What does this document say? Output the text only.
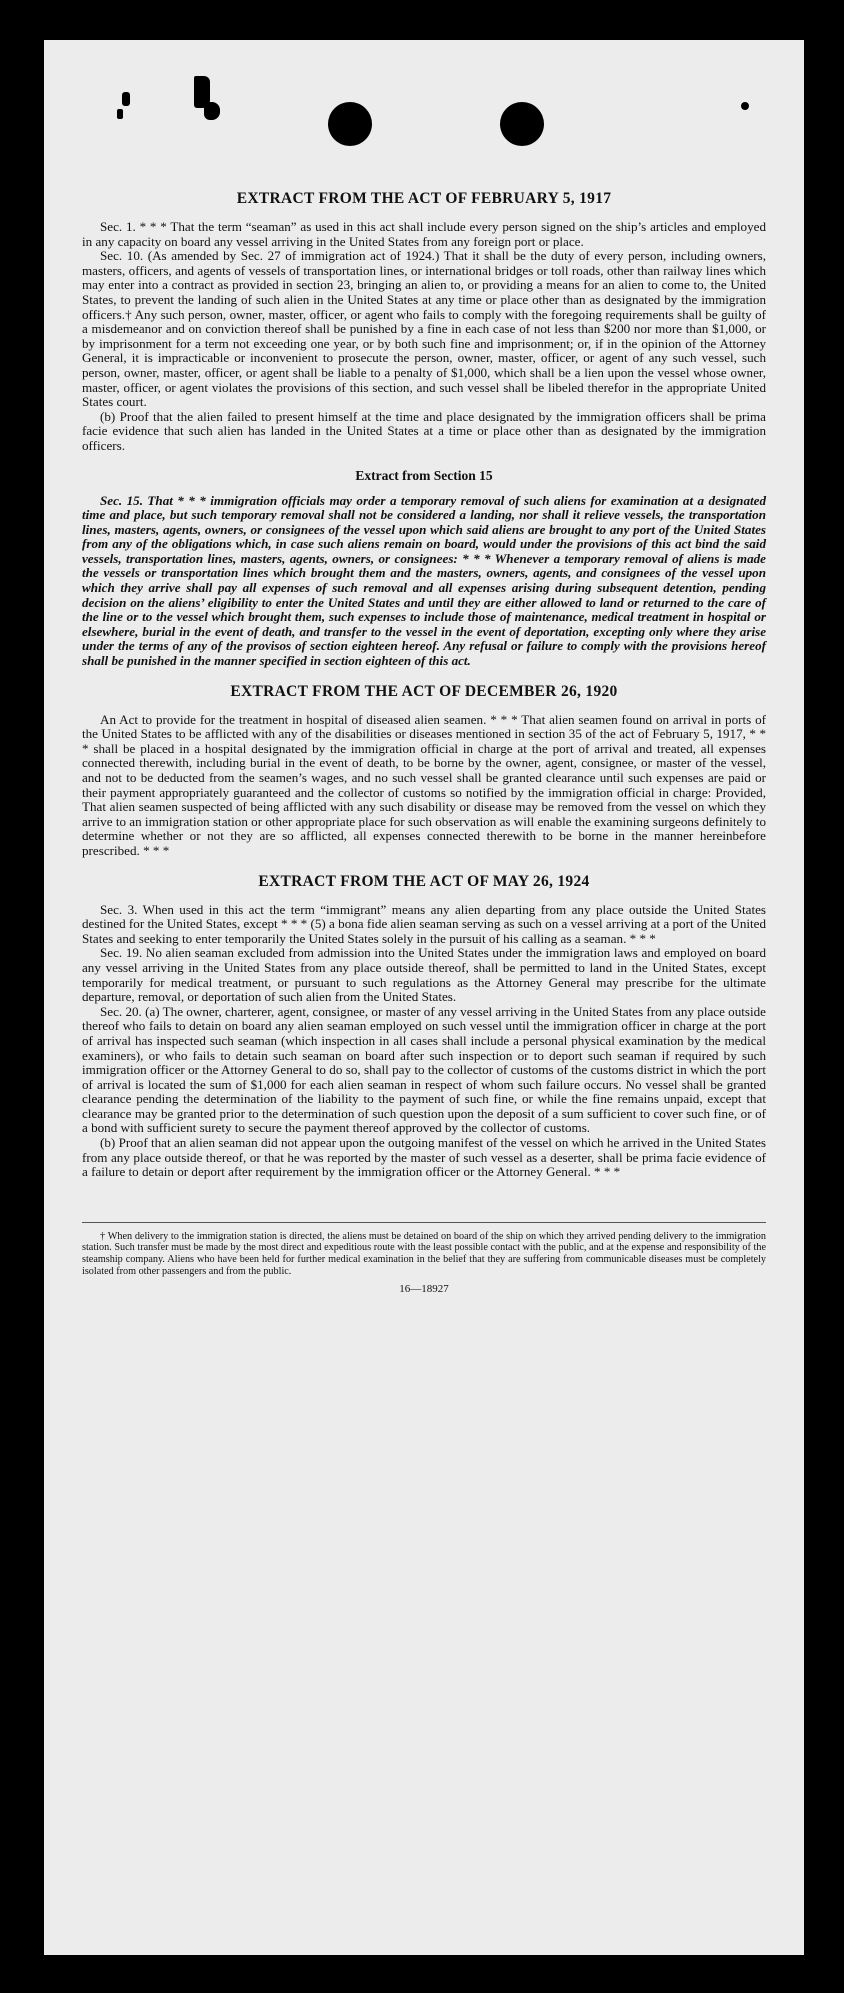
EXTRACT FROM THE ACT OF FEBRUARY 5, 1917

Sec. 1. * * * That the term “seaman” as used in this act shall include every person signed on the ship’s articles and employed in any capacity on board any vessel arriving in the United States from any foreign port or place.

Sec. 10. (As amended by Sec. 27 of immigration act of 1924.) That it shall be the duty of every person, including owners, masters, officers, and agents of vessels of transportation lines, or international bridges or toll roads, other than railway lines which may enter into a contract as provided in section 23, bringing an alien to, or providing a means for an alien to come to, the United States, to prevent the landing of such alien in the United States at any time or place other than as designated by the immigration officers.† Any such person, owner, master, officer, or agent who fails to comply with the foregoing requirements shall be guilty of a misdemeanor and on conviction thereof shall be punished by a fine in each case of not less than $200 nor more than $1,000, or by imprisonment for a term not exceeding one year, or by both such fine and imprisonment; or, if in the opinion of the Attorney General, it is impracticable or inconvenient to prosecute the person, owner, master, officer, or agent of any such vessel, such person, owner, master, officer, or agent shall be liable to a penalty of $1,000, which shall be a lien upon the vessel whose owner, master, officer, or agent violates the provisions of this section, and such vessel shall be libeled therefor in the appropriate United States court.

(b) Proof that the alien failed to present himself at the time and place designated by the immigration officers shall be prima facie evidence that such alien has landed in the United States at a time or place other than as designated by the immigration officers.

Extract from Section 15

Sec. 15. That * * * immigration officials may order a temporary removal of such aliens for examination at a designated time and place, but such temporary removal shall not be considered a landing, nor shall it relieve vessels, the transportation lines, masters, agents, owners, or consignees of the vessel upon which said aliens are brought to any port of the United States from any of the obligations which, in case such aliens remain on board, would under the provisions of this act bind the said vessels, transportation lines, masters, agents, owners, or consignees: * * * Whenever a temporary removal of aliens is made the vessels or transportation lines which brought them and the masters, owners, agents, and consignees of the vessel upon which they arrive shall pay all expenses of such removal and all expenses arising during subsequent detention, pending decision on the aliens’ eligibility to enter the United States and until they are either allowed to land or returned to the care of the line or to the vessel which brought them, such expenses to include those of maintenance, medical treatment in hospital or elsewhere, burial in the event of death, and transfer to the vessel in the event of deportation, excepting only where they arise under the terms of any of the provisos of section eighteen hereof. Any refusal or failure to comply with the provisions hereof shall be punished in the manner specified in section eighteen of this act.

EXTRACT FROM THE ACT OF DECEMBER 26, 1920

An Act to provide for the treatment in hospital of diseased alien seamen. * * * That alien seamen found on arrival in ports of the United States to be afflicted with any of the disabilities or diseases mentioned in section 35 of the act of February 5, 1917, * * * shall be placed in a hospital designated by the immigration official in charge at the port of arrival and treated, all expenses connected therewith, including burial in the event of death, to be borne by the owner, agent, consignee, or master of the vessel, and not to be deducted from the seamen’s wages, and no such vessel shall be granted clearance until such expenses are paid or their payment appropriately guaranteed and the collector of customs so notified by the immigration official in charge: Provided, That alien seamen suspected of being afflicted with any such disability or disease may be removed from the vessel on which they arrive to an immigration station or other appropriate place for such observation as will enable the examining surgeons definitely to determine whether or not they are so afflicted, all expenses connected therewith to be borne in the manner hereinbefore prescribed. * * *

EXTRACT FROM THE ACT OF MAY 26, 1924

Sec. 3. When used in this act the term “immigrant” means any alien departing from any place outside the United States destined for the United States, except * * * (5) a bona fide alien seaman serving as such on a vessel arriving at a port of the United States and seeking to enter temporarily the United States solely in the pursuit of his calling as a seaman. * * *

Sec. 19. No alien seaman excluded from admission into the United States under the immigration laws and employed on board any vessel arriving in the United States from any place outside thereof, shall be permitted to land in the United States, except temporarily for medical treatment, or pursuant to such regulations as the Attorney General may prescribe for the ultimate departure, removal, or deportation of such alien from the United States.

Sec. 20. (a) The owner, charterer, agent, consignee, or master of any vessel arriving in the United States from any place outside thereof who fails to detain on board any alien seaman employed on such vessel until the immigration officer in charge at the port of arrival has inspected such seaman (which inspection in all cases shall include a personal physical examination by the medical examiners), or who fails to detain such seaman on board after such inspection or to deport such seaman if required by such immigration officer or the Attorney General to do so, shall pay to the collector of customs of the customs district in which the port of arrival is located the sum of $1,000 for each alien seaman in respect of whom such failure occurs. No vessel shall be granted clearance pending the determination of the liability to the payment of such fine, or while the fine remains unpaid, except that clearance may be granted prior to the determination of such question upon the deposit of a sum sufficient to cover such fine, or of a bond with sufficient surety to secure the payment thereof approved by the collector of customs.

(b) Proof that an alien seaman did not appear upon the outgoing manifest of the vessel on which he arrived in the United States from any place outside thereof, or that he was reported by the master of such vessel as a deserter, shall be prima facie evidence of a failure to detain or deport after requirement by the immigration officer or the Attorney General. * * *

† When delivery to the immigration station is directed, the aliens must be detained on board of the ship on which they arrived pending delivery to the immigration station. Such transfer must be made by the most direct and expeditious route with the least possible contact with the public, and at the expense and responsibility of the steamship company. Aliens who have been held for further medical examination in the belief that they are suffering from communicable diseases must be completely isolated from other passengers and from the public.

16—18927
